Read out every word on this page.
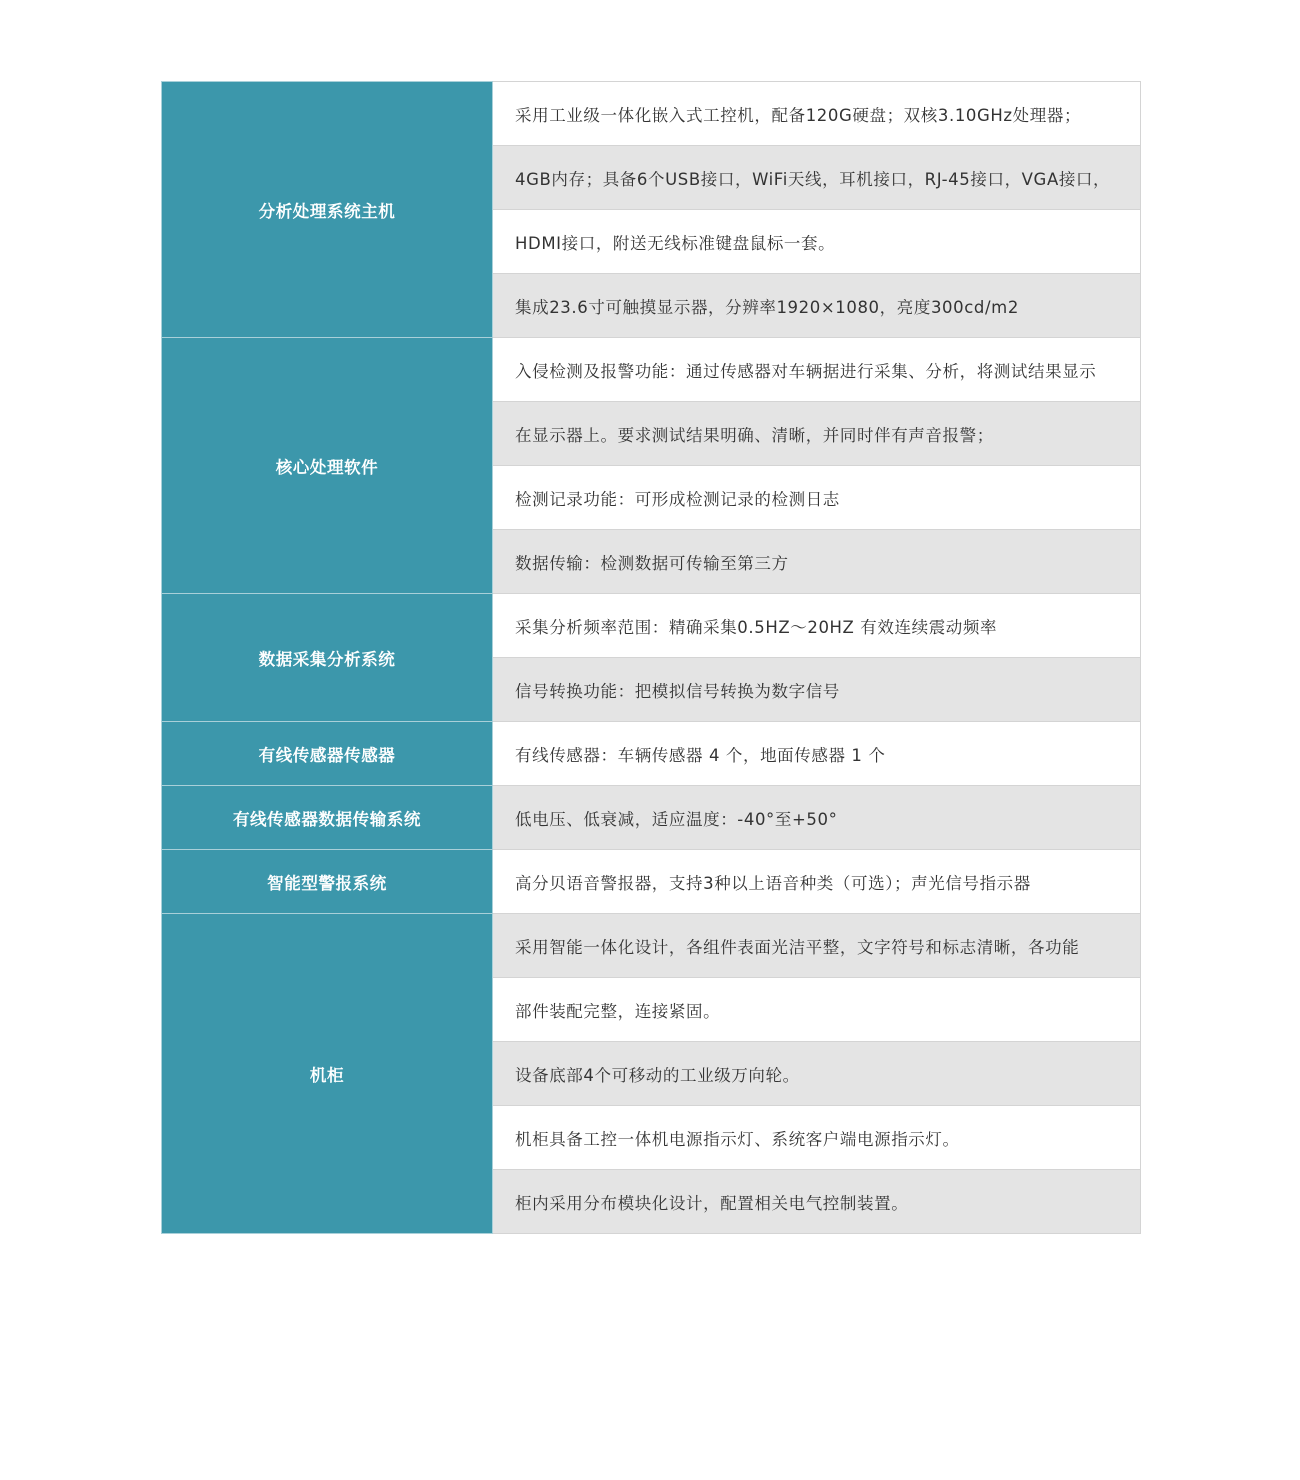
分析处理系统主机	采用工业级一体化嵌入式工控机，配备120G硬盘；双核3.10GHz处理器；
	4GB内存；具备6个USB接口，WiFi天线，耳机接口，RJ-45接口，VGA接口，
	HDMI接口，附送无线标准键盘鼠标一套。
	集成23.6寸可触摸显示器，分辨率1920×1080，亮度300cd/m2
核心处理软件	入侵检测及报警功能：通过传感器对车辆据进行采集、分析，将测试结果显示
	在显示器上。要求测试结果明确、清晰，并同时伴有声音报警；
	检测记录功能：可形成检测记录的检测日志
	数据传输：检测数据可传输至第三方
数据采集分析系统	采集分析频率范围：精确采集0.5HZ～20HZ 有效连续震动频率
	信号转换功能：把模拟信号转换为数字信号
有线传感器传感器	有线传感器：车辆传感器 4 个，地面传感器 1 个
有线传感器数据传输系统	低电压、低衰减，适应温度：-40°至+50°
智能型警报系统	高分贝语音警报器，支持3种以上语音种类（可选）；声光信号指示器
机柜	采用智能一体化设计，各组件表面光洁平整，文字符号和标志清晰，各功能
	部件装配完整，连接紧固。
	设备底部4个可移动的工业级万向轮。
	机柜具备工控一体机电源指示灯、系统客户端电源指示灯。
	柜内采用分布模块化设计，配置相关电气控制装置。
